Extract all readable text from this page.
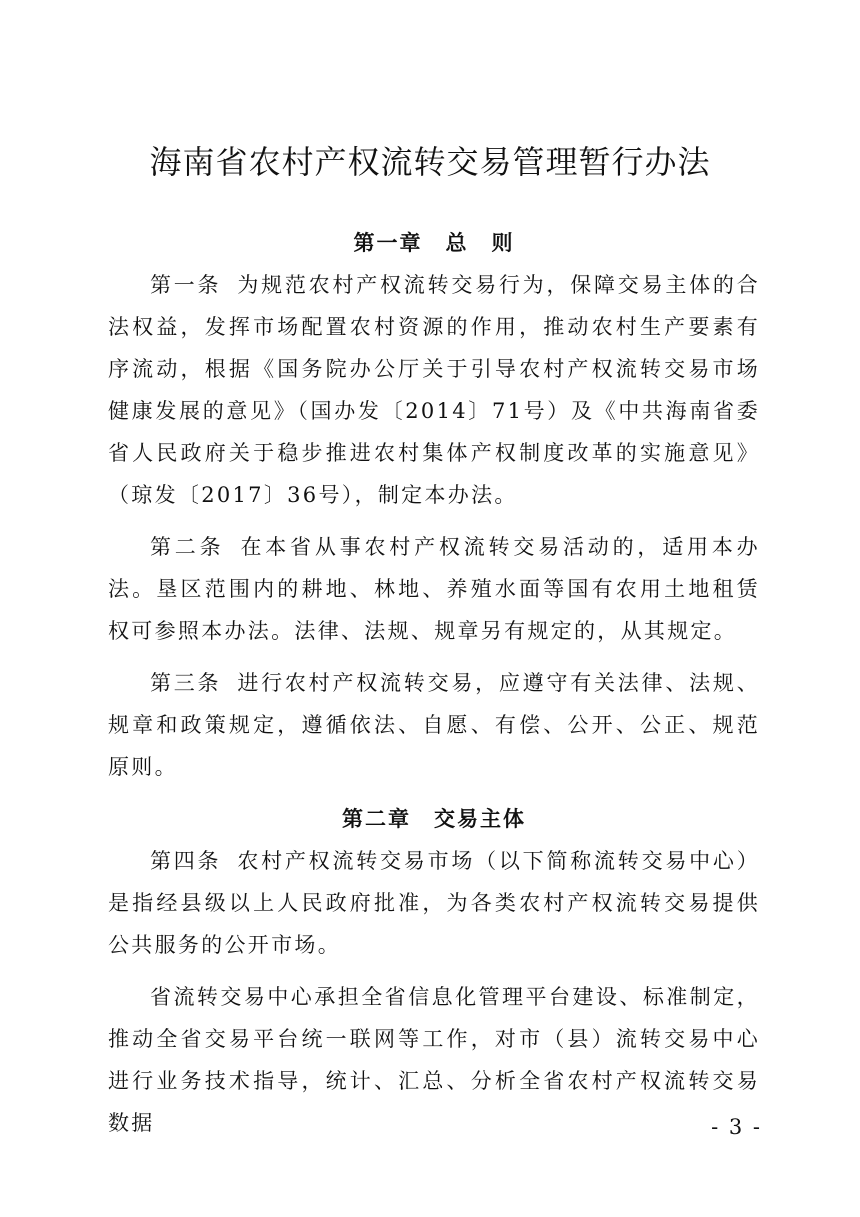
海南省农村产权流转交易管理暂行办法
第一章　总　则

第一条 为规范农村产权流转交易行为，保障交易主体的合法权益，发挥市场配置农村资源的作用，推动农村生产要素有序流动，根据《国务院办公厅关于引导农村产权流转交易市场健康发展的意见》（国办发〔2014〕71号）及《中共海南省委 省人民政府关于稳步推进农村集体产权制度改革的实施意见》（琼发〔2017〕36号），制定本办法。

第二条 在本省从事农村产权流转交易活动的，适用本办法。垦区范围内的耕地、林地、养殖水面等国有农用土地租赁权可参照本办法。法律、法规、规章另有规定的，从其规定。

第三条 进行农村产权流转交易，应遵守有关法律、法规、规章和政策规定，遵循依法、自愿、有偿、公开、公正、规范原则。

第二章　交易主体

第四条 农村产权流转交易市场（以下简称流转交易中心）是指经县级以上人民政府批准，为各类农村产权流转交易提供公共服务的公开市场。

省流转交易中心承担全省信息化管理平台建设、标准制定，推动全省交易平台统一联网等工作，对市（县）流转交易中心进行业务技术指导，统计、汇总、分析全省农村产权流转交易数据	- 3 -
